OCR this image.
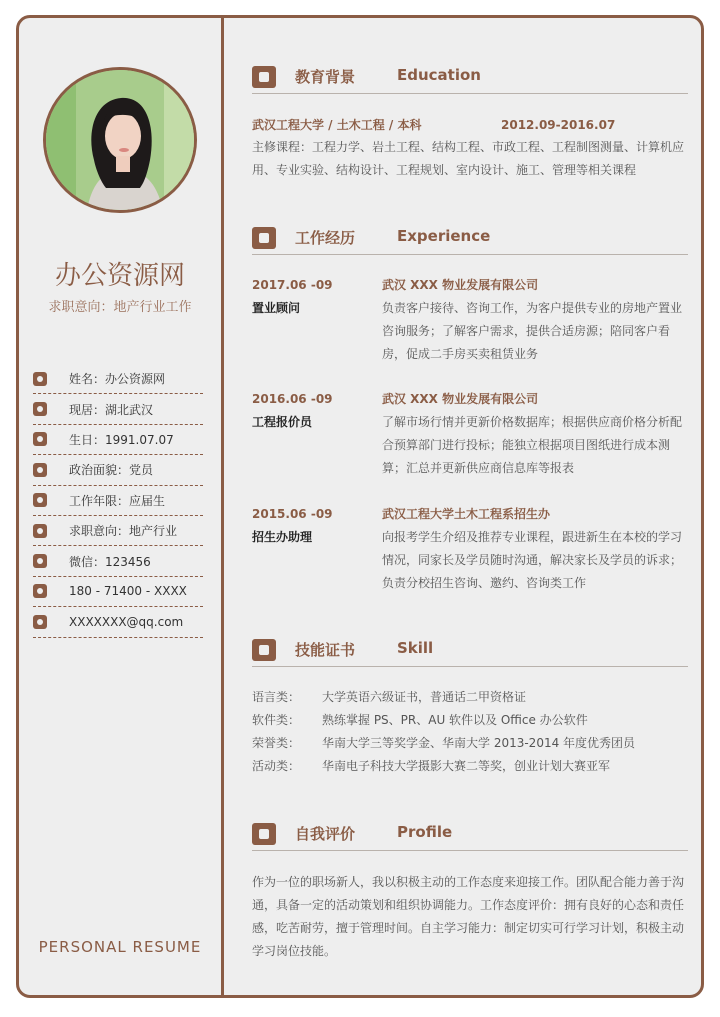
办公资源网
求职意向：地产行业工作
姓名：办公资源网
现居：湖北武汉
生日：1991.07.07
政治面貌：党员
工作年限：应届生
求职意向：地产行业
微信：123456
180 - 71400 - XXXX
XXXXXXX@qq.com
PERSONAL RESUME
教育背景	Education
武汉工程大学 / 土木工程 / 本科	2012.09-2016.07
主修课程：工程力学、岩土工程、结构工程、市政工程、工程制图测量、计算机应用、专业实验、结构设计、工程规划、室内设计、施工、管理等相关课程
工作经历	Experience
2017.06 -09
置业顾问
武汉 XXX 物业发展有限公司
负责客户接待、咨询工作，为客户提供专业的房地产置业咨询服务；了解客户需求，提供合适房源；陪同客户看房，促成二手房买卖租赁业务
2016.06 -09
工程报价员
武汉 XXX 物业发展有限公司
了解市场行情并更新价格数据库；根据供应商价格分析配合预算部门进行投标；能独立根据项目图纸进行成本测算；汇总并更新供应商信息库等报表
2015.06 -09
招生办助理
武汉工程大学土木工程系招生办
向报考学生介绍及推荐专业课程，跟进新生在本校的学习情况，同家长及学员随时沟通，解决家长及学员的诉求；负责分校招生咨询、邀约、咨询类工作
技能证书	Skill
语言类： 大学英语六级证书，普通话二甲资格证
软件类： 熟练掌握 PS、PR、AU 软件以及 Office 办公软件
荣誉类： 华南大学三等奖学金、华南大学 2013-2014 年度优秀团员
活动类： 华南电子科技大学摄影大赛二等奖，创业计划大赛亚军
自我评价	Profile
作为一位的职场新人，我以积极主动的工作态度来迎接工作。团队配合能力善于沟通，具备一定的活动策划和组织协调能力。工作态度评价：拥有良好的心态和责任感，吃苦耐劳，擅于管理时间。自主学习能力：制定切实可行学习计划，积极主动学习岗位技能。
